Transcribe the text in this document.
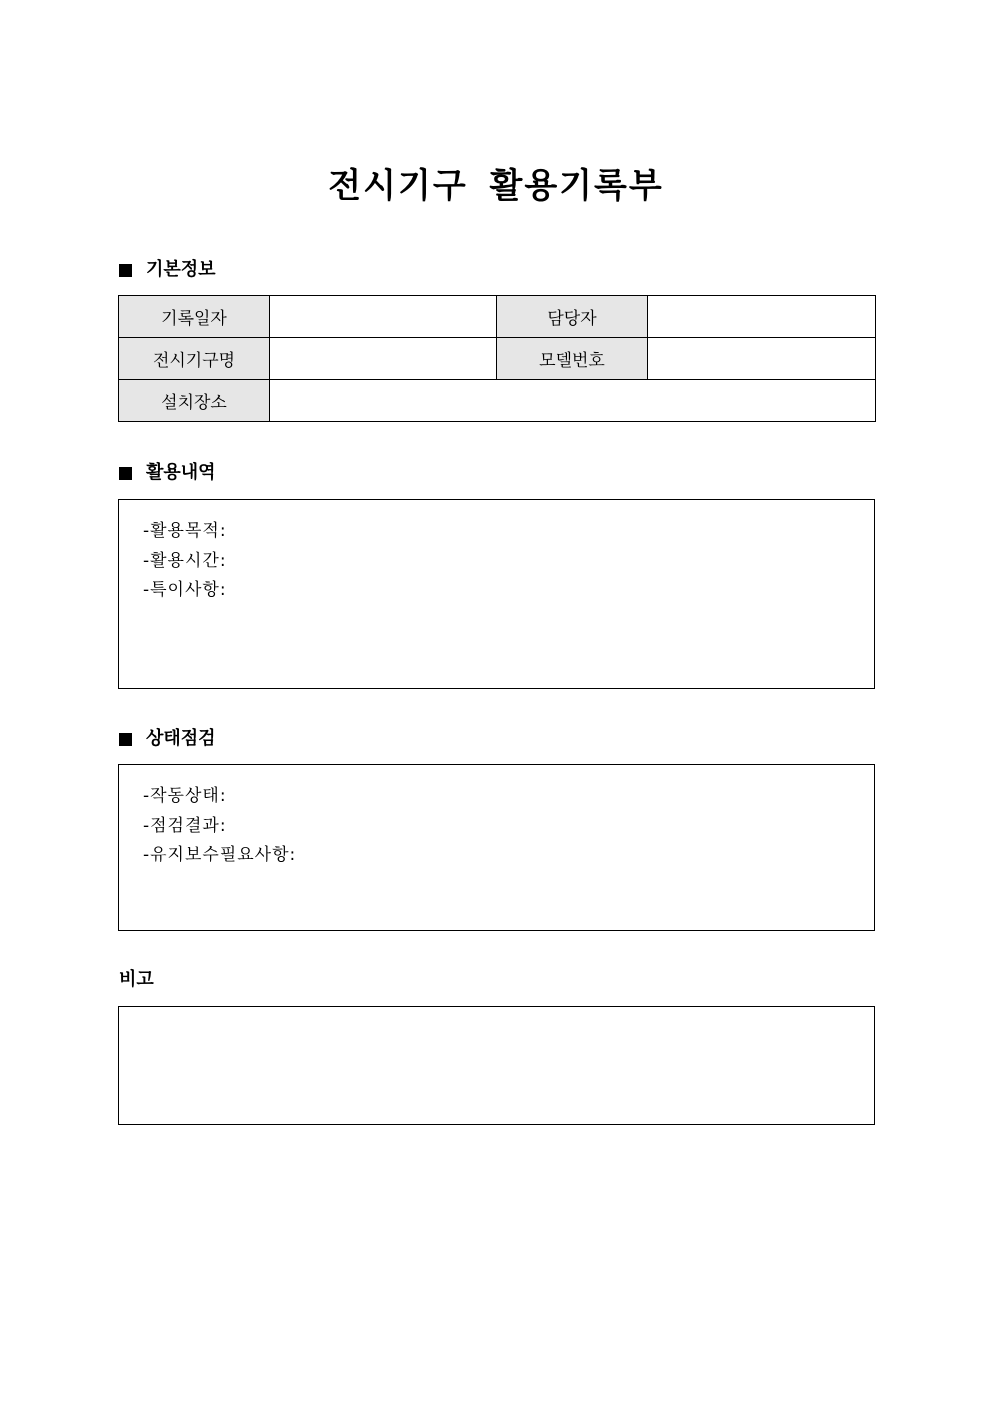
전시기구 활용기록부
기본정보
기록일자		담당자	
전시기구명		모델번호	
설치장소			
활용내역
-활용목적:
-활용시간:
-특이사항:
상태점검
-작동상태:
-점검결과:
-유지보수필요사항:
비고
